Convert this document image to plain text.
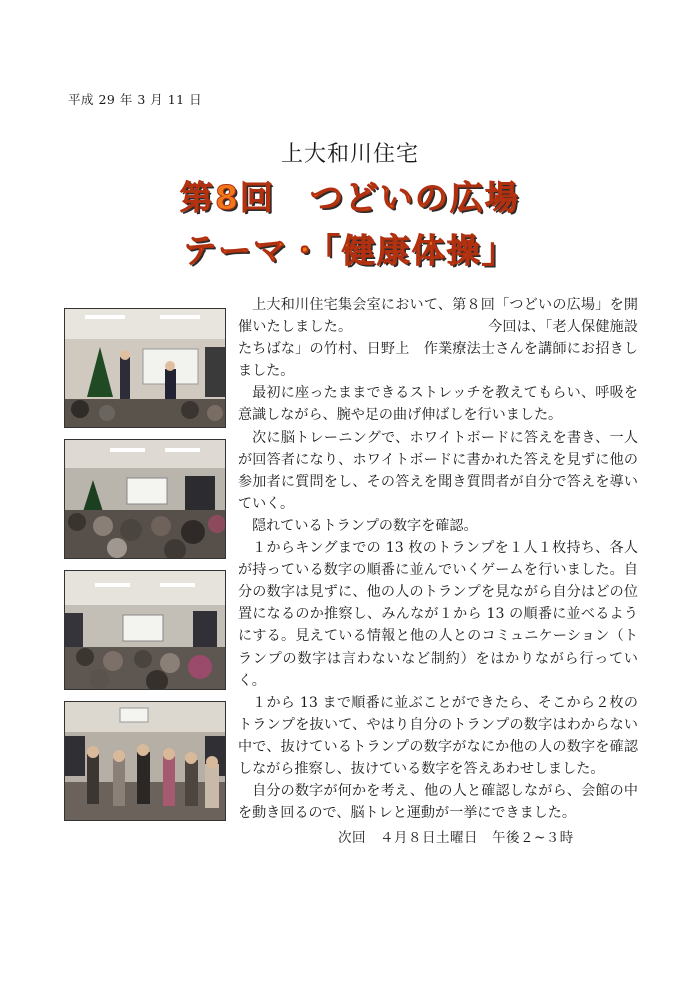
平成 29 年 3 月 11 日
上大和川住宅
第8回　つどいの広場
テーマ・「健康体操」

上大和川住宅集会室において、第８回「つどいの広場」を開催いたしました。　　　　　　　　　　今回は、「老人保健施設たちばな」の竹村、日野上　作業療法士さんを講師にお招きしました。

最初に座ったままできるストレッチを教えてもらい、呼吸を意識しながら、腕や足の曲げ伸ばしを行いました。

次に脳トレーニングで、ホワイトボードに答えを書き、一人が回答者になり、ホワイトボードに書かれた答えを見ずに他の参加者に質問をし、その答えを聞き質問者が自分で答えを導いていく。

隠れているトランプの数字を確認。

１からキングまでの 13 枚のトランプを１人１枚持ち、各人が持っている数字の順番に並んでいくゲームを行いました。自分の数字は見ずに、他の人のトランプを見ながら自分はどの位置になるのか推察し、みんなが１から 13 の順番に並べるようにする。見えている情報と他の人とのコミュニケーション（トランプの数字は言わないなど制約）をはかりながら行っていく。

１から 13 まで順番に並ぶことができたら、そこから２枚のトランプを抜いて、やはり自分のトランプの数字はわからない中で、抜けているトランプの数字がなにか他の人の数字を確認しながら推察し、抜けている数字を答えあわせしました。

自分の数字が何かを考え、他の人と確認しながら、会館の中を動き回るので、脳トレと運動が一挙にできました。

次回　４月８日土曜日　午後２~３時
